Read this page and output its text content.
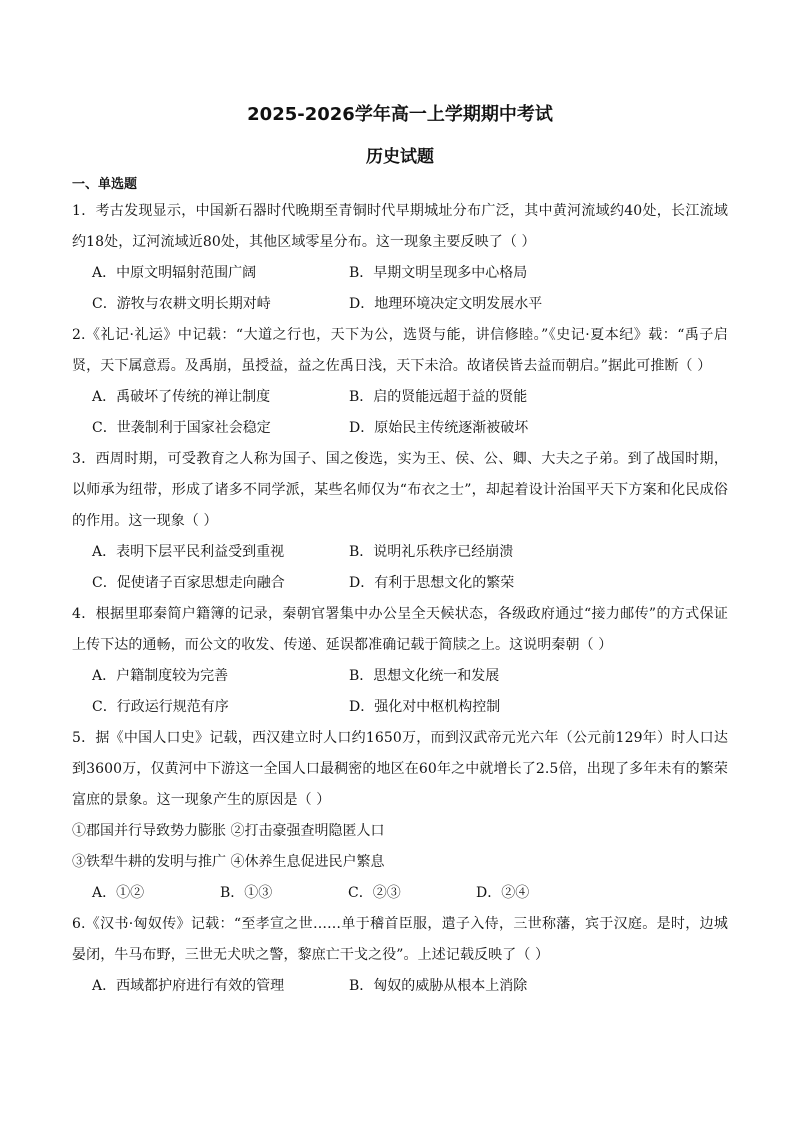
2025-2026学年高一上学期期中考试
历史试题
一、单选题
1．考古发现显示，中国新石器时代晚期至青铜时代早期城址分布广泛，其中黄河流域约40处，长江流域约18处，辽河流域近80处，其他区域零星分布。这一现象主要反映了（ ）
A．中原文明辐射范围广阔	B．早期文明呈现多中心格局
C．游牧与农耕文明长期对峙	D．地理环境决定文明发展水平
2.《礼记·礼运》中记载：“大道之行也，天下为公，选贤与能，讲信修睦。”《史记·夏本纪》载：“禹子启贤，天下属意焉。及禹崩，虽授益，益之佐禹日浅，天下未洽。故诸侯皆去益而朝启。”据此可推断（ ）
A．禹破坏了传统的禅让制度	B．启的贤能远超于益的贤能
C．世袭制利于国家社会稳定	D．原始民主传统逐渐被破坏
3．西周时期，可受教育之人称为国子、国之俊选，实为王、侯、公、卿、大夫之子弟。到了战国时期，以师承为纽带，形成了诸多不同学派，某些名师仅为“布衣之士”，却起着设计治国平天下方案和化民成俗的作用。这一现象（ ）
A．表明下层平民利益受到重视	B．说明礼乐秩序已经崩溃
C．促使诸子百家思想走向融合	D．有利于思想文化的繁荣
4．根据里耶秦简户籍簿的记录，秦朝官署集中办公呈全天候状态，各级政府通过“接力邮传”的方式保证上传下达的通畅，而公文的收发、传递、延误都准确记载于简牍之上。这说明秦朝（ ）
A．户籍制度较为完善	B．思想文化统一和发展
C．行政运行规范有序	D．强化对中枢机构控制
5．据《中国人口史》记载，西汉建立时人口约1650万，而到汉武帝元光六年（公元前129年）时人口达到3600万，仅黄河中下游这一全国人口最稠密的地区在60年之中就增长了2.5倍，出现了多年未有的繁荣富庶的景象。这一现象产生的原因是（ ）
①郡国并行导致势力膨胀 ②打击豪强查明隐匿人口
③铁犁牛耕的发明与推广 ④休养生息促进民户繁息
A．①②	B．①③	C．②③	D．②④
6.《汉书·匈奴传》记载：“至孝宣之世……单于稽首臣服，遣子入侍，三世称藩，宾于汉庭。是时，边城晏闭，牛马布野，三世无犬吠之警，黎庶亡干戈之役”。上述记载反映了（ ）
A．西域都护府进行有效的管理	B．匈奴的威胁从根本上消除
